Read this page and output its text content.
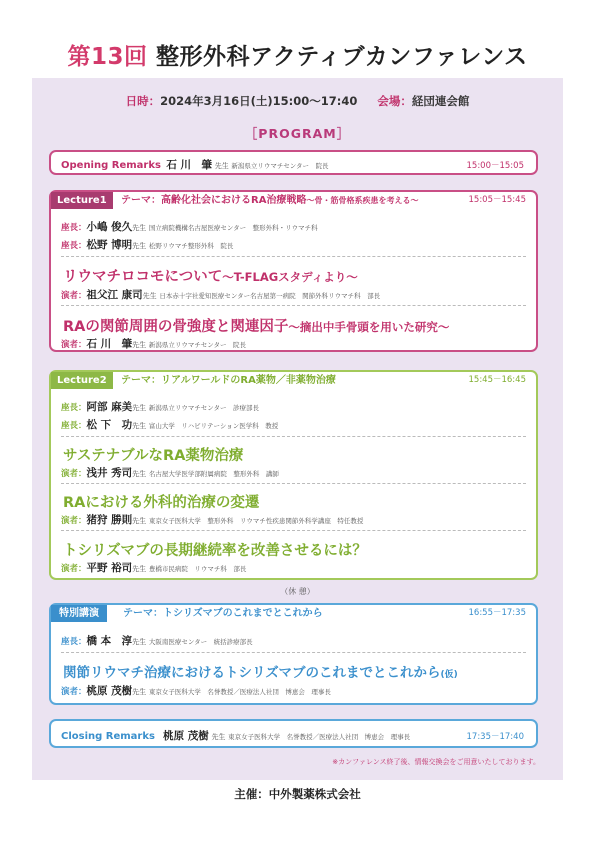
第13回 整形外科アクティブカンファレンス
日時：2024年3月16日(土)15:00～17:40 会場：経団連会館
［PROGRAM］
Opening Remarks 石 川　肇 先生 新潟県立リウマチセンター　院長	15:00－15:05
Lecture1	テーマ：高齢化社会におけるRA治療戦略～骨・筋骨格系疾患を考える～	15:05－15:45
座長：小嶋 俊久先生 国立病院機構名古屋医療センター　整形外科・リウマチ科
座長：松野 博明先生 松野リウマチ整形外科　院長
リウマチロコモについて～T-FLAGスタディより～
演者：祖父江 康司先生 日本赤十字社愛知医療センター名古屋第一病院　関節外科リウマチ科　部長
RAの関節周囲の骨強度と関連因子～摘出中手骨頭を用いた研究～
演者：石 川　肇先生 新潟県立リウマチセンター　院長
Lecture2	テーマ：リアルワールドのRA薬物／非薬物治療	15:45－16:45
座長：阿部 麻美先生 新潟県立リウマチセンター　診療部長
座長：松 下　功先生 富山大学　リハビリテーション医学科　教授
サステナブルなRA薬物治療
演者：浅井 秀司先生 名古屋大学医学部附属病院　整形外科　講師
RAにおける外科的治療の変遷
演者：猪狩 勝則先生 東京女子医科大学　整形外科　リウマチ性疾患関節外科学講座　特任教授
トシリズマブの長期継続率を改善させるには？
演者：平野 裕司先生 豊橋市民病院　リウマチ科　部長
（休 憩）
特別講演	テーマ：トシリズマブのこれまでとこれから	16:55－17:35
座長：橋 本　淳先生 大阪南医療センター　統括診療部長
関節リウマチ治療におけるトシリズマブのこれまでとこれから(仮)
演者：桃原 茂樹先生 東京女子医科大学　名誉教授／医療法人社団　博恵会　理事長
Closing Remarks 桃原 茂樹 先生 東京女子医科大学　名誉教授／医療法人社団　博恵会　理事長	17:35－17:40
※カンファレンス終了後、情報交換会をご用意いたしております。
主催：中外製薬株式会社
